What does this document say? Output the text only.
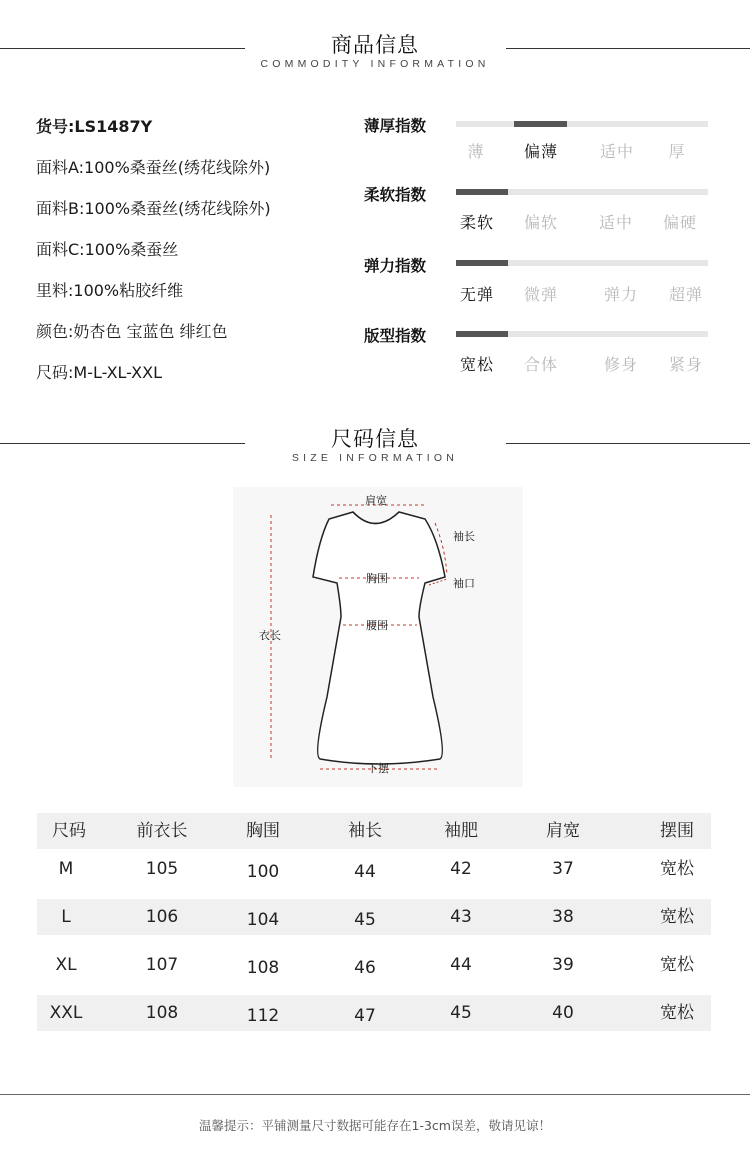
商品信息
COMMODITY INFORMATION
货号:LS1487Y
面料A:100%桑蚕丝(绣花线除外)
面料B:100%桑蚕丝(绣花线除外)
面料C:100%桑蚕丝
里料:100%粘胶纤维
颜色:奶杏色 宝蓝色 绯红色
尺码:M-L-XL-XXL
薄厚指数
薄	偏薄	适中	厚
柔软指数
柔软	偏软	适中	偏硬
弹力指数
无弹	微弹	弹力	超弹
版型指数
宽松	合体	修身	紧身
尺码信息
SIZE INFORMATION
肩宽
袖长
袖口
胸围
腰围
衣长
下摆
尺码	前衣长	胸围	袖长	袖肥	肩宽	摆围
M	105	100	44	42	37	宽松
L	106	104	45	43	38	宽松
XL	107	108	46	44	39	宽松
XXL	108	112	47	45	40	宽松
温馨提示：平铺测量尺寸数据可能存在1-3cm误差，敬请见谅！
